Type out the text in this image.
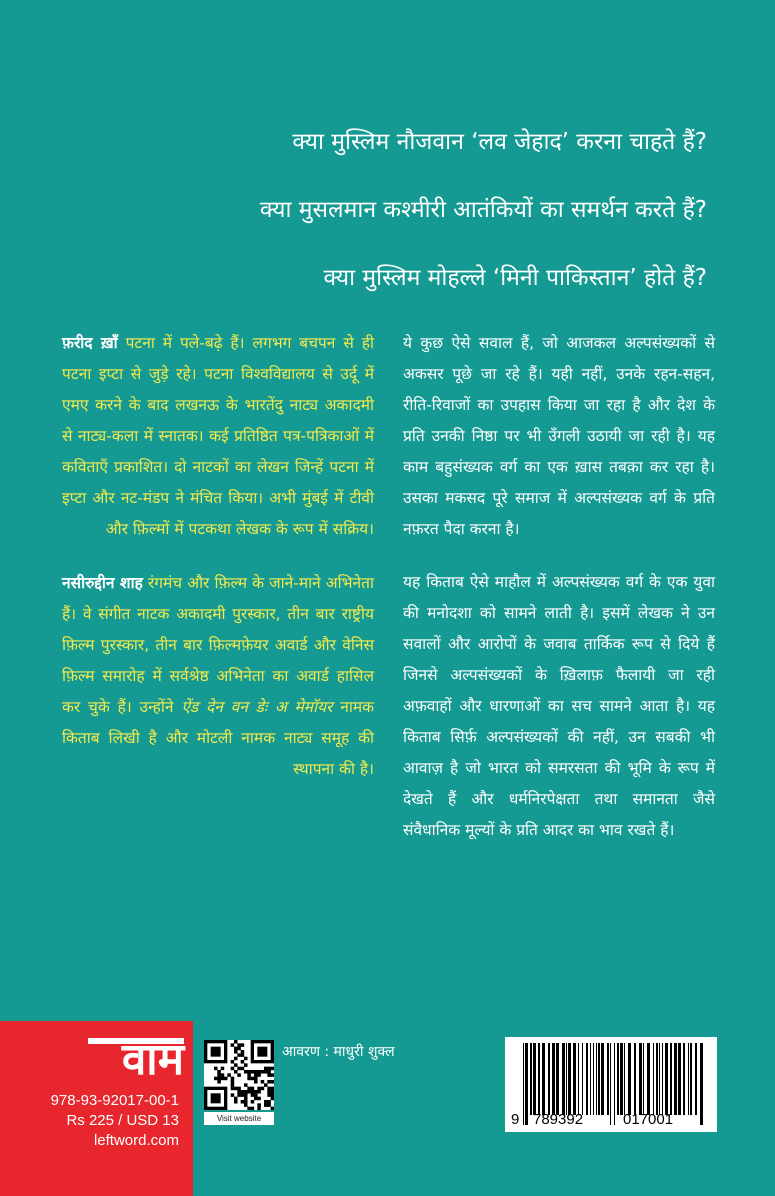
क्या मुस्लिम नौजवान ‘लव जेहाद’ करना चाहते हैं?
क्या मुसलमान कश्मीरी आतंकियों का समर्थन करते हैं?
क्या मुस्लिम मोहल्ले ‘मिनी पाकिस्तान’ होते हैं?

फ़रीद ख़ाँ पटना में पले-बढ़े हैं। लगभग बचपन से ही पटना इप्टा से जुड़े रहे। पटना विश्वविद्यालय से उर्दू में एमए करने के बाद लखनऊ के भारतेंदु नाट्य अकादमी से नाट्य-कला में स्नातक। कई प्रतिष्ठित पत्र-पत्रिकाओं में कविताएँ प्रकाशित। दो नाटकों का लेखन जिन्हें पटना में इप्टा और नट-मंडप ने मंचित किया। अभी मुंबई में टीवी और फ़िल्मों में पटकथा लेखक के रूप में सक्रिय।

नसीरुद्दीन शाह रंगमंच और फ़िल्म के जाने-माने अभिनेता हैं। वे संगीत नाटक अकादमी पुरस्कार, तीन बार राष्ट्रीय फ़िल्म पुरस्कार, तीन बार फ़िल्मफ़ेयर अवार्ड और वेनिस फ़िल्म समारोह में सर्वश्रेष्ठ अभिनेता का अवार्ड हासिल कर चुके हैं। उन्होंने ऐंड देन वन डेः अ मेमॉयर नामक किताब लिखी है और मोटली नामक नाट्य समूह की स्थापना की है।

ये कुछ ऐसे सवाल हैं, जो आजकल अल्पसंख्यकों से अकसर पूछे जा रहे हैं। यही नहीं, उनके रहन-सहन, रीति-रिवाजों का उपहास किया जा रहा है और देश के प्रति उनकी निष्ठा पर भी उँगली उठायी जा रही है। यह काम बहुसंख्यक वर्ग का एक ख़ास तबक़ा कर रहा है। उसका मकसद पूरे समाज में अल्पसंख्यक वर्ग के प्रति नफ़रत पैदा करना है।

यह किताब ऐसे माहौल में अल्पसंख्यक वर्ग के एक युवा की मनोदशा को सामने लाती है। इसमें लेखक ने उन सवालों और आरोपों के जवाब तार्किक रूप से दिये हैं जिनसे अल्पसंख्यकों के ख़िलाफ़ फैलायी जा रही अफ़वाहों और धारणाओं का सच सामने आता है। यह किताब सिर्फ़ अल्पसंख्यकों की नहीं, उन सबकी भी आवाज़ है जो भारत को समरसता की भूमि के रूप में देखते हैं और धर्मनिरपेक्षता तथा समानता जैसे संवैधानिक मूल्यों के प्रति आदर का भाव रखते हैं।

वाम
978-93-92017-00-1
Rs 225 / USD 13
leftword.com
Visit website
आवरण : माधुरी शुक्ल
9 789392	017001
